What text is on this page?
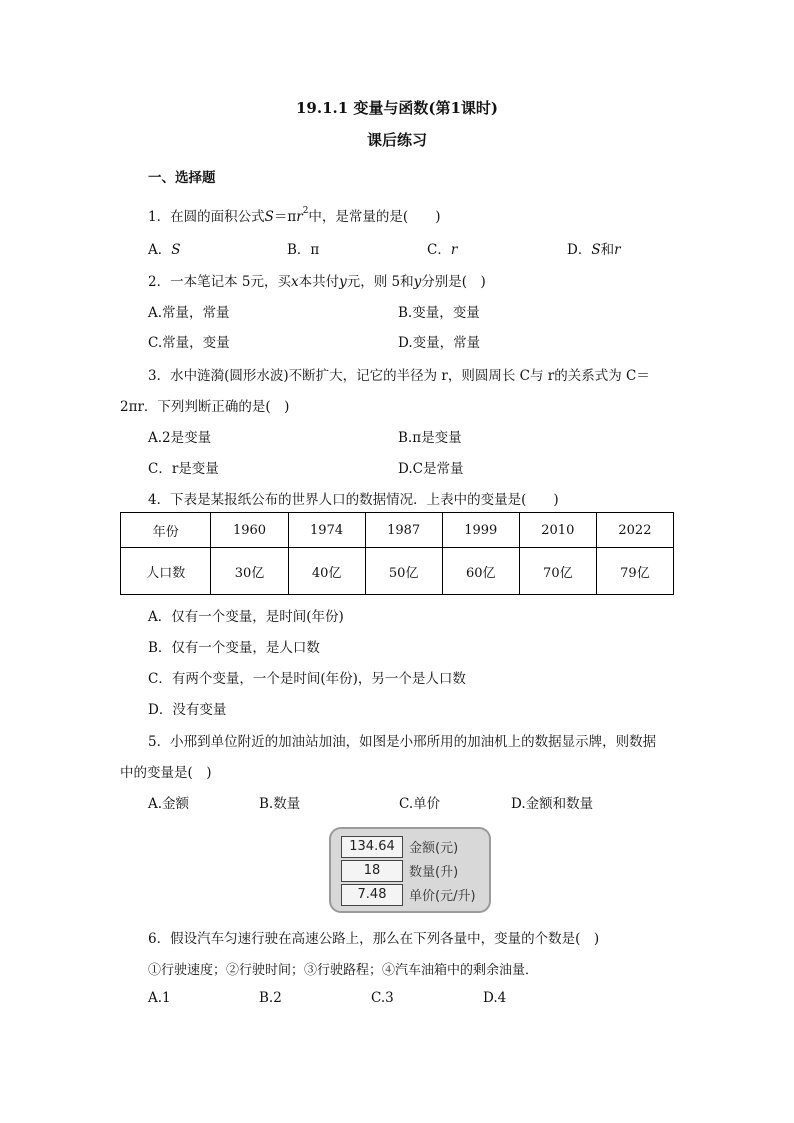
19.1.1 变量与函数(第1课时)
课后练习
一、选择题
1．在圆的面积公式$S=\pi r^2$中，是常量的是(　　)
A．S	B．π	C．r	D．S和r
2．一本笔记本 5元，买x本共付y元，则 5和y分别是(　)
A.常量，常量	B.变量，变量
C.常量，变量	D.变量，常量
3．水中涟漪(圆形水波)不断扩大，记它的半径为 r，则圆周长 C与 r的关系式为 C＝
2πr．下列判断正确的是(　)
A.2是变量	B.π是变量
C．r是变量	D.C是常量
4．下表是某报纸公布的世界人口的数据情况．上表中的变量是(　　)
年份	1960	1974	1987	1999	2010	2022
人口数	30亿	40亿	50亿	60亿	70亿	79亿
A．仅有一个变量，是时间(年份)
B．仅有一个变量，是人口数
C．有两个变量，一个是时间(年份)，另一个是人口数
D．没有变量
5．小邢到单位附近的加油站加油，如图是小邢所用的加油机上的数据显示牌，则数据
中的变量是(　)
A.金额	B.数量	C.单价	D.金额和数量
134.64	金额(元)
18	数量(升)
7.48	单价(元/升)
6．假设汽车匀速行驶在高速公路上，那么在下列各量中，变量的个数是(　)
①行驶速度；②行驶时间；③行驶路程；④汽车油箱中的剩余油量．
A.1	B.2	C.3	D.4
